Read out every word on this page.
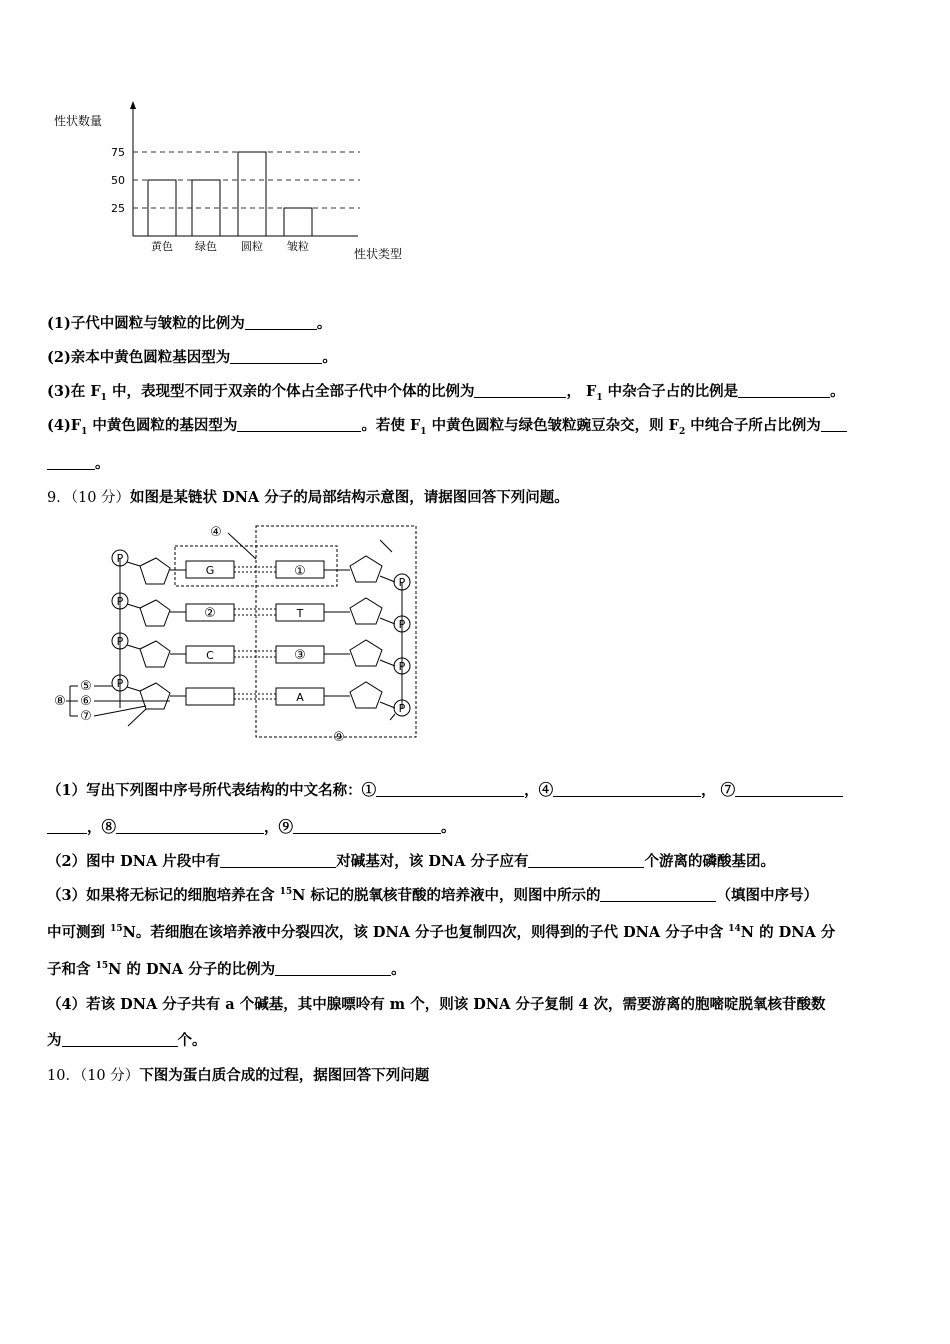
75
50
25
黄色 绿色 圆粒 皱粒
性状数量
性状类型
(1)子代中圆粒与皱粒的比例为	。
(2)亲本中黄色圆粒基因型为	。
(3)在 $F_1$ 中，表现型不同于双亲的个体占全部子代中个体的比例为	， $F_1$ 中杂合子占的比例是	。
$(4)F_1$ 中黄色圆粒的基因型为	。若使 $F_1$ 中黄色圆粒与绿色皱粒豌豆杂交，则 $F_2$ 中纯合子所占比例为
。
9．（10 分）如图是某链状 DNA 分子的局部结构示意图，请据图回答下列问题。
P
P
P
P
P
P
P
P
G
C
T
A
①
②
③
④
⑤
⑥
⑦
⑧
⑨
（1）写出下列图中序号所代表结构的中文名称：①	，④	， ⑦
，⑧	，⑨	。
（2）图中 DNA 片段中有	对碱基对，该 DNA 分子应有	个游离的磷酸基团。
（3）如果将无标记的细胞培养在含 $^{15}$N 标记的脱氧核苷酸的培养液中，则图中所示的	（填图中序号）
中可测到 $^{15}$N。若细胞在该培养液中分裂四次，该 DNA 分子也复制四次，则得到的子代 DNA 分子中含 $^{14}$N 的 DNA 分
子和含 $^{15}$N 的 DNA 分子的比例为	。
（4）若该 DNA 分子共有 a 个碱基，其中腺嘌呤有 m 个，则该 DNA 分子复制 4 次，需要游离的胞嘧啶脱氧核苷酸数
为	个。
10．（10 分）下图为蛋白质合成的过程，据图回答下列问题
